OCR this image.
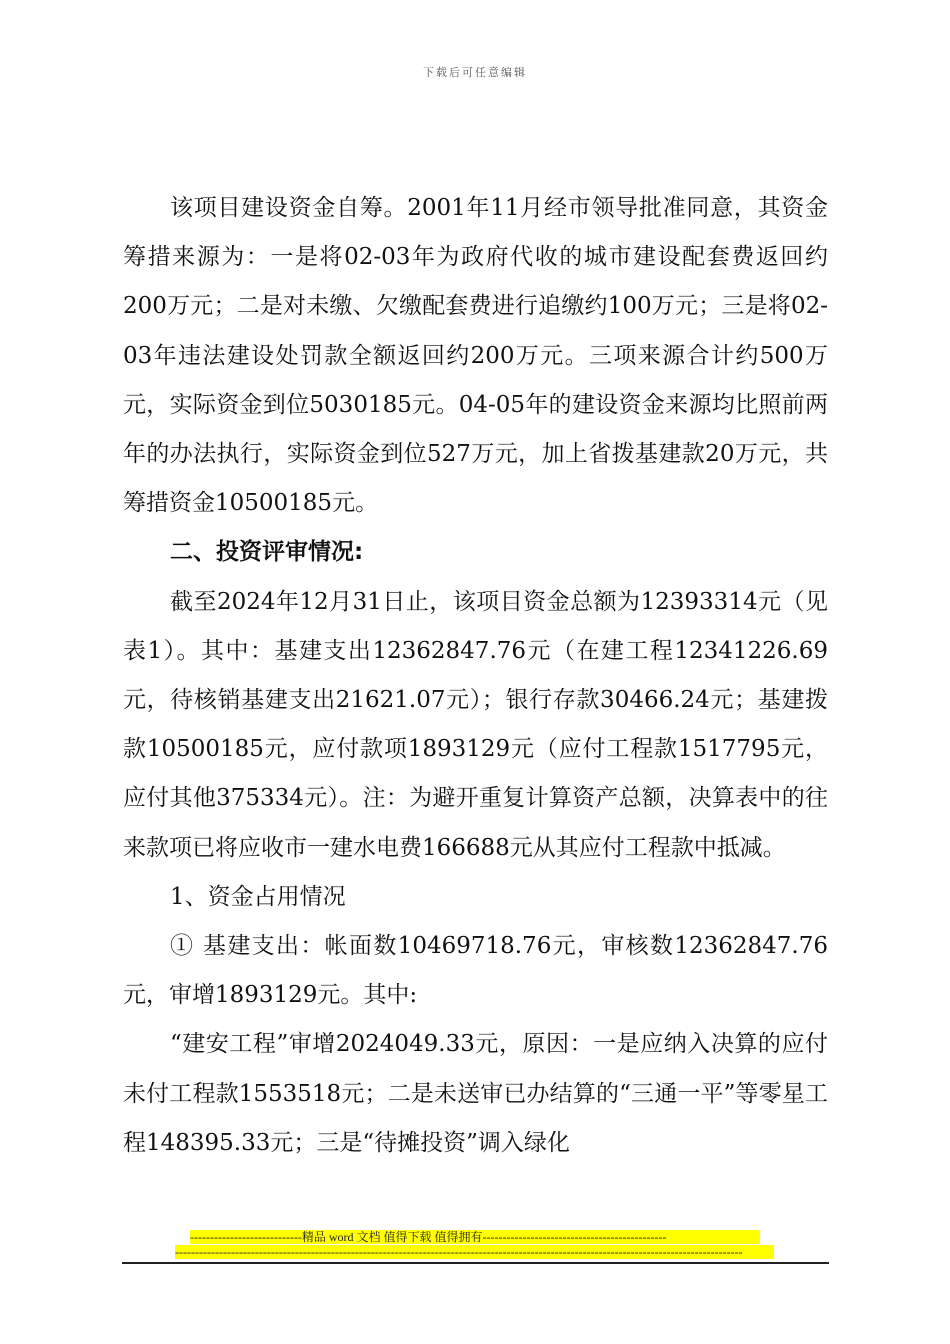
下载后可任意编辑

该项目建设资金自筹。2001年11月经市领导批准同意，其资金筹措来源为：一是将02-03年为政府代收的城市建设配套费返回约200万元；二是对未缴、欠缴配套费进行追缴约100万元；三是将02-03年违法建设处罚款全额返回约200万元。三项来源合计约500万元，实际资金到位5030185元。04-05年的建设资金来源均比照前两年的办法执行，实际资金到位527万元，加上省拨基建款20万元，共筹措资金10500185元。

二、投资评审情况:

截至2024年12月31日止，该项目资金总额为12393314元（见表1）。其中：基建支出12362847.76元（在建工程12341226.69元，待核销基建支出21621.07元）；银行存款30466.24元；基建拨款10500185元，应付款项1893129元（应付工程款1517795元，应付其他375334元）。注：为避开重复计算资产总额，决算表中的往来款项已将应收市一建水电费166688元从其应付工程款中抵减。

1、资金占用情况

① 基建支出：帐面数10469718.76元，审核数12362847.76元，审增1893129元。其中:

“建安工程”审增2024049.33元，原因：一是应纳入决算的应付未付工程款1553518元；二是未送审已办结算的“三通一平”等零星工程148395.33元；三是“待摊投资”调入绿化

----------------------------精品 word 文档 值得下载 值得拥有----------------------------------------------
----------------------------------------------------------------------------------------------------------------------------------------------
